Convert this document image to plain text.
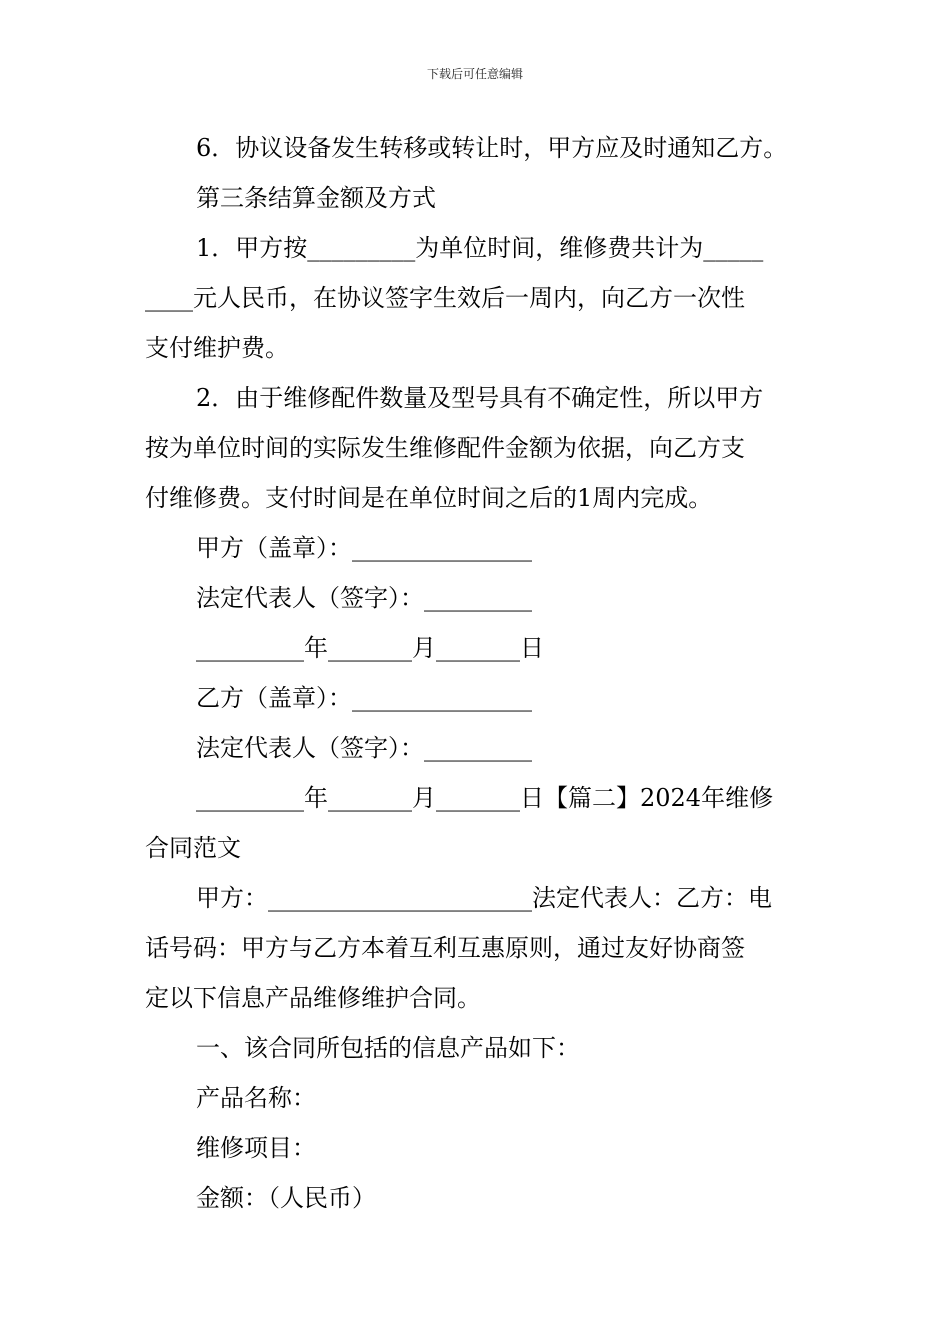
下载后可任意编辑
6．协议设备发生转移或转让时，甲方应及时通知乙方。
第三条结算金额及方式
1．甲方按_________为单位时间，维修费共计为_____
____元人民币，在协议签字生效后一周内，向乙方一次性
支付维护费。
2．由于维修配件数量及型号具有不确定性，所以甲方
按为单位时间的实际发生维修配件金额为依据，向乙方支
付维修费。支付时间是在单位时间之后的1周内完成。
甲方（盖章）：_______________
法定代表人（签字）：_________
_________年_______月_______日
乙方（盖章）：_______________
法定代表人（签字）：_________
_________年_______月_______日【篇二】2024年维修
合同范文
甲方：______________________法定代表人：乙方：电
话号码：甲方与乙方本着互利互惠原则，通过友好协商签
定以下信息产品维修维护合同。
一、该合同所包括的信息产品如下：
产品名称：
维修项目：
金额：（人民币）
